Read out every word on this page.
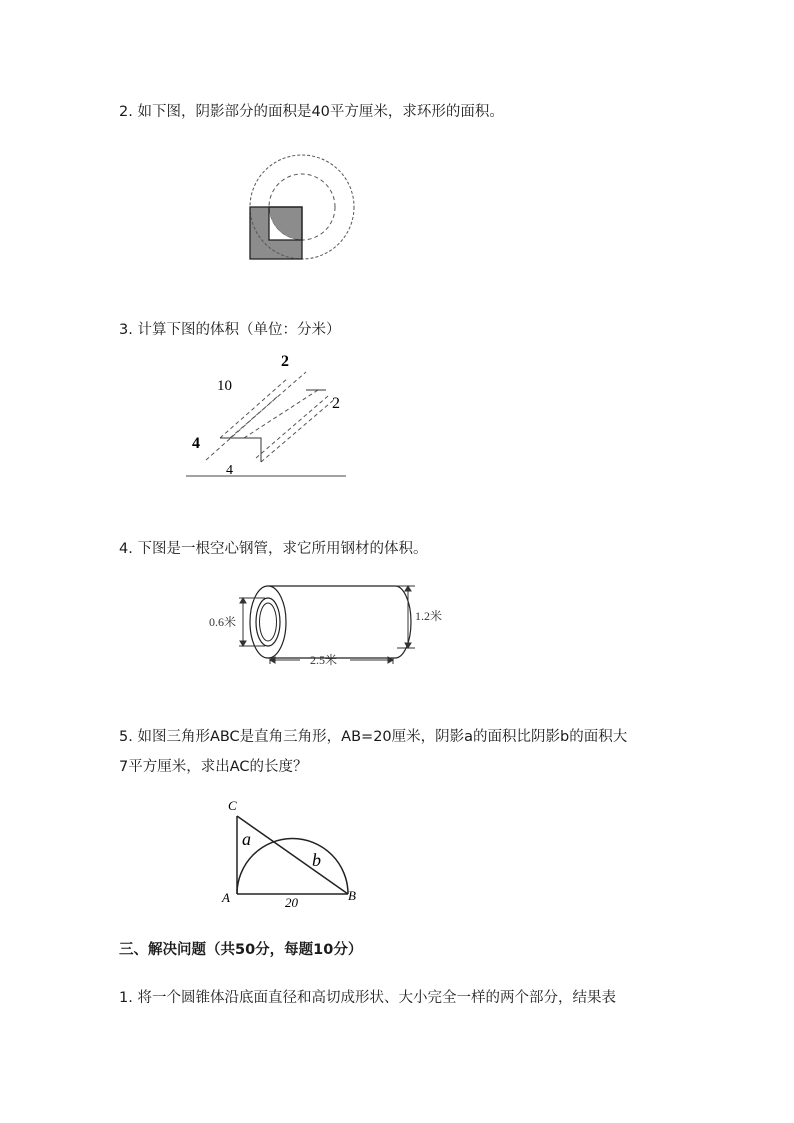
2. 如下图，阴影部分的面积是40平方厘米，求环形的面积。

3. 计算下图的体积（单位：分米）

10
2
2
4
4

4. 下图是一根空心钢管，求它所用钢材的体积。

0.6米	1.2米
2.5米

5. 如图三角形ABC是直角三角形，AB=20厘米，阴影a的面积比阴影b的面积大

7平方厘米，求出AC的长度？

C
A	B
a
b
20

三、解决问题（共50分，每题10分）

1. 将一个圆锥体沿底面直径和高切成形状、大小完全一样的两个部分，结果表
